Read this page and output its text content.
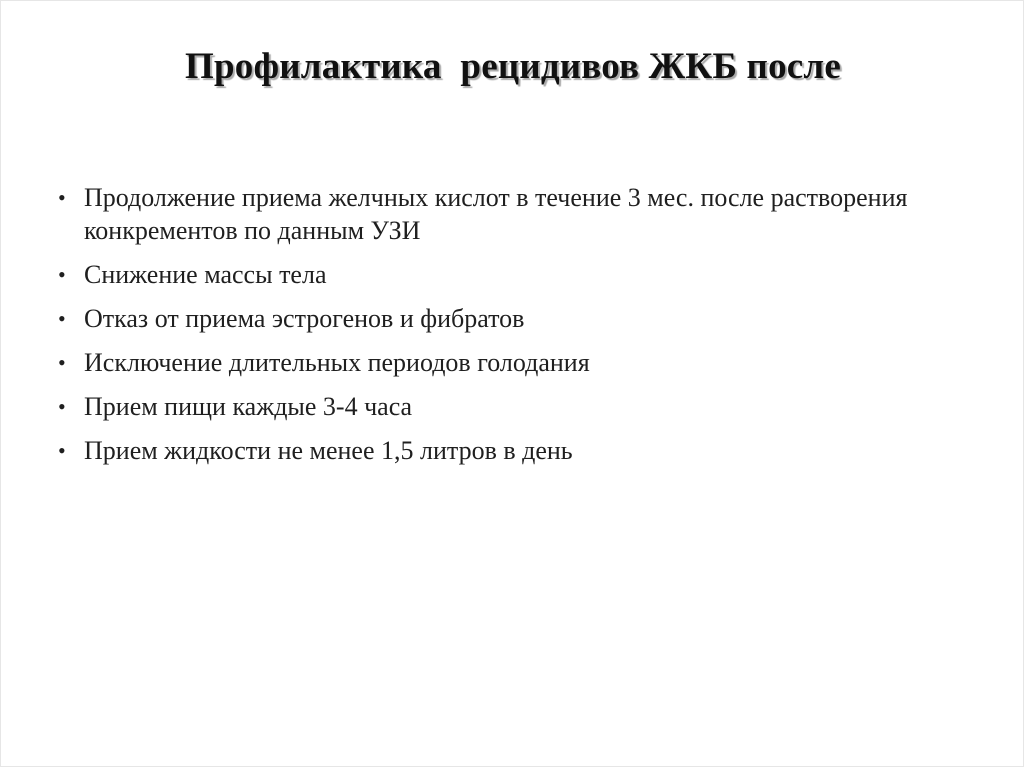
Профилактика  рецидивов ЖКБ после
• Продолжение приема желчных кислот в течение 3 мес. после растворения конкрементов по данным УЗИ
• Снижение массы тела
• Отказ от приема эстрогенов и фибратов
• Исключение длительных периодов голодания
• Прием пищи каждые 3-4 часа
• Прием жидкости не менее 1,5 литров в день
